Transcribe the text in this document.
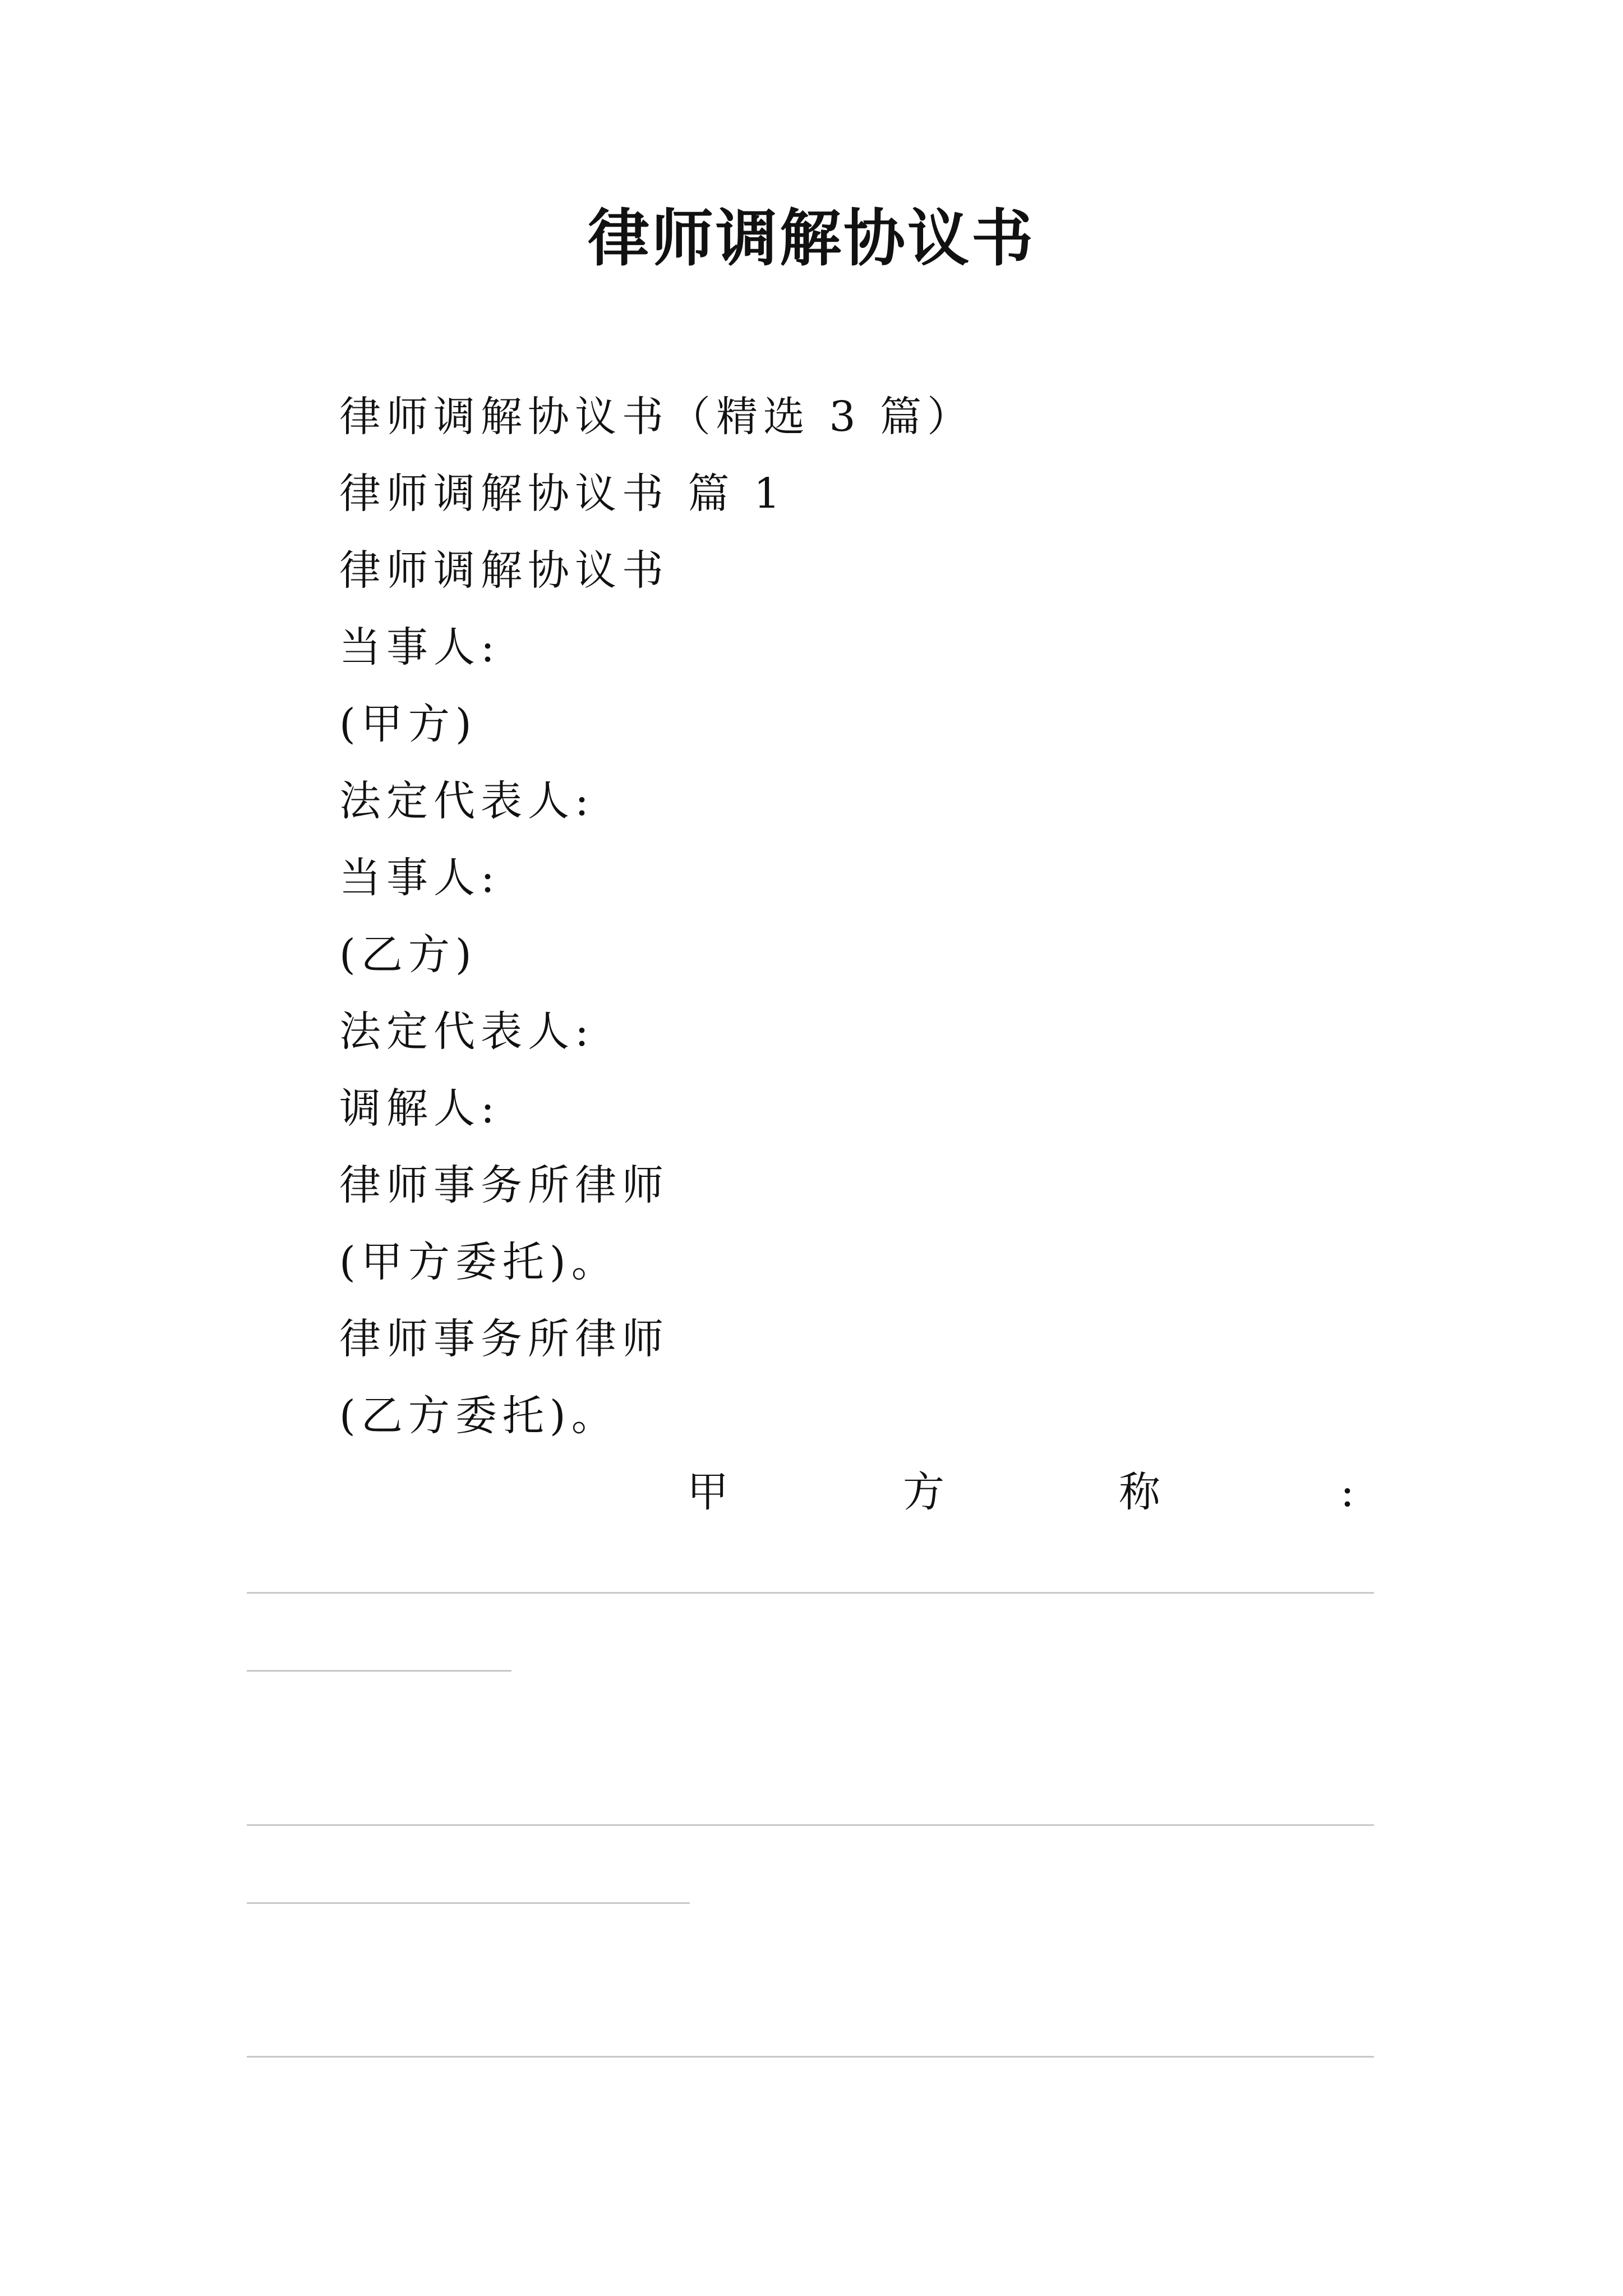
律师调解协议书
律师调解协议书（精选 3 篇）
律师调解协议书 篇 1
律师调解协议书
当事人:
(甲方)
法定代表人:
当事人:
(乙方)
法定代表人:
调解人:
律师事务所律师
(甲方委托)。
律师事务所律师
(乙方委托)。
甲	方	称	:
